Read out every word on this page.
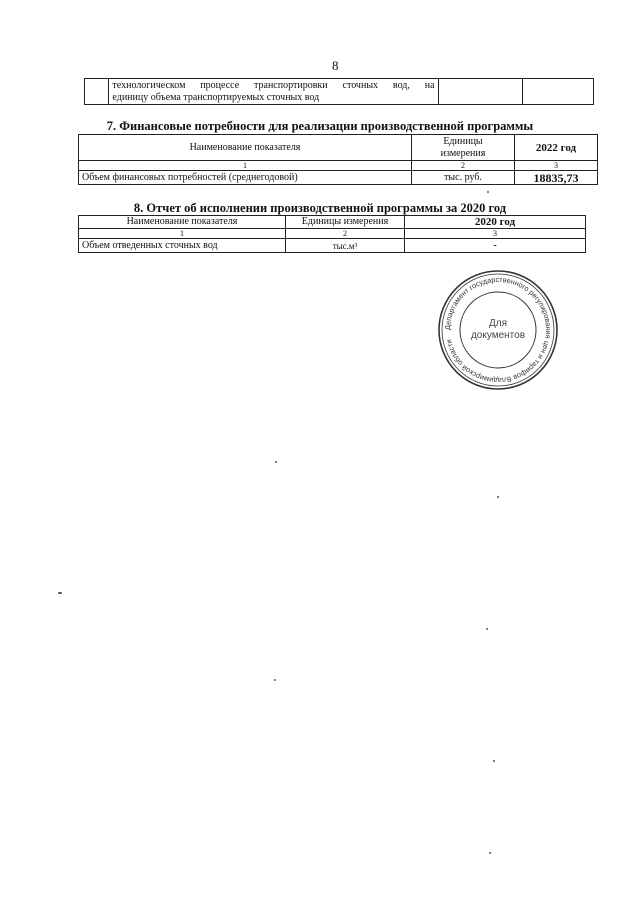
8

технологическом процессе транспортировки сточных вод, на
единицу объема транспортируемых сточных вод

7. Финансовые потребности для реализации производственной программы
Наименование показателя	Единицы измерения	2022 год
1	2	3
Объем финансовых потребностей (среднегодовой)	тыс. руб.	18835,73
8. Отчет об исполнении производственной программы за 2020 год
Наименование показателя	Единицы измерения	2020 год
1	2	3
Объем отведенных сточных вод	тыс.м³	-
Департамент государственного регулирования цен и тарифов Владимирской области
Для
документов
